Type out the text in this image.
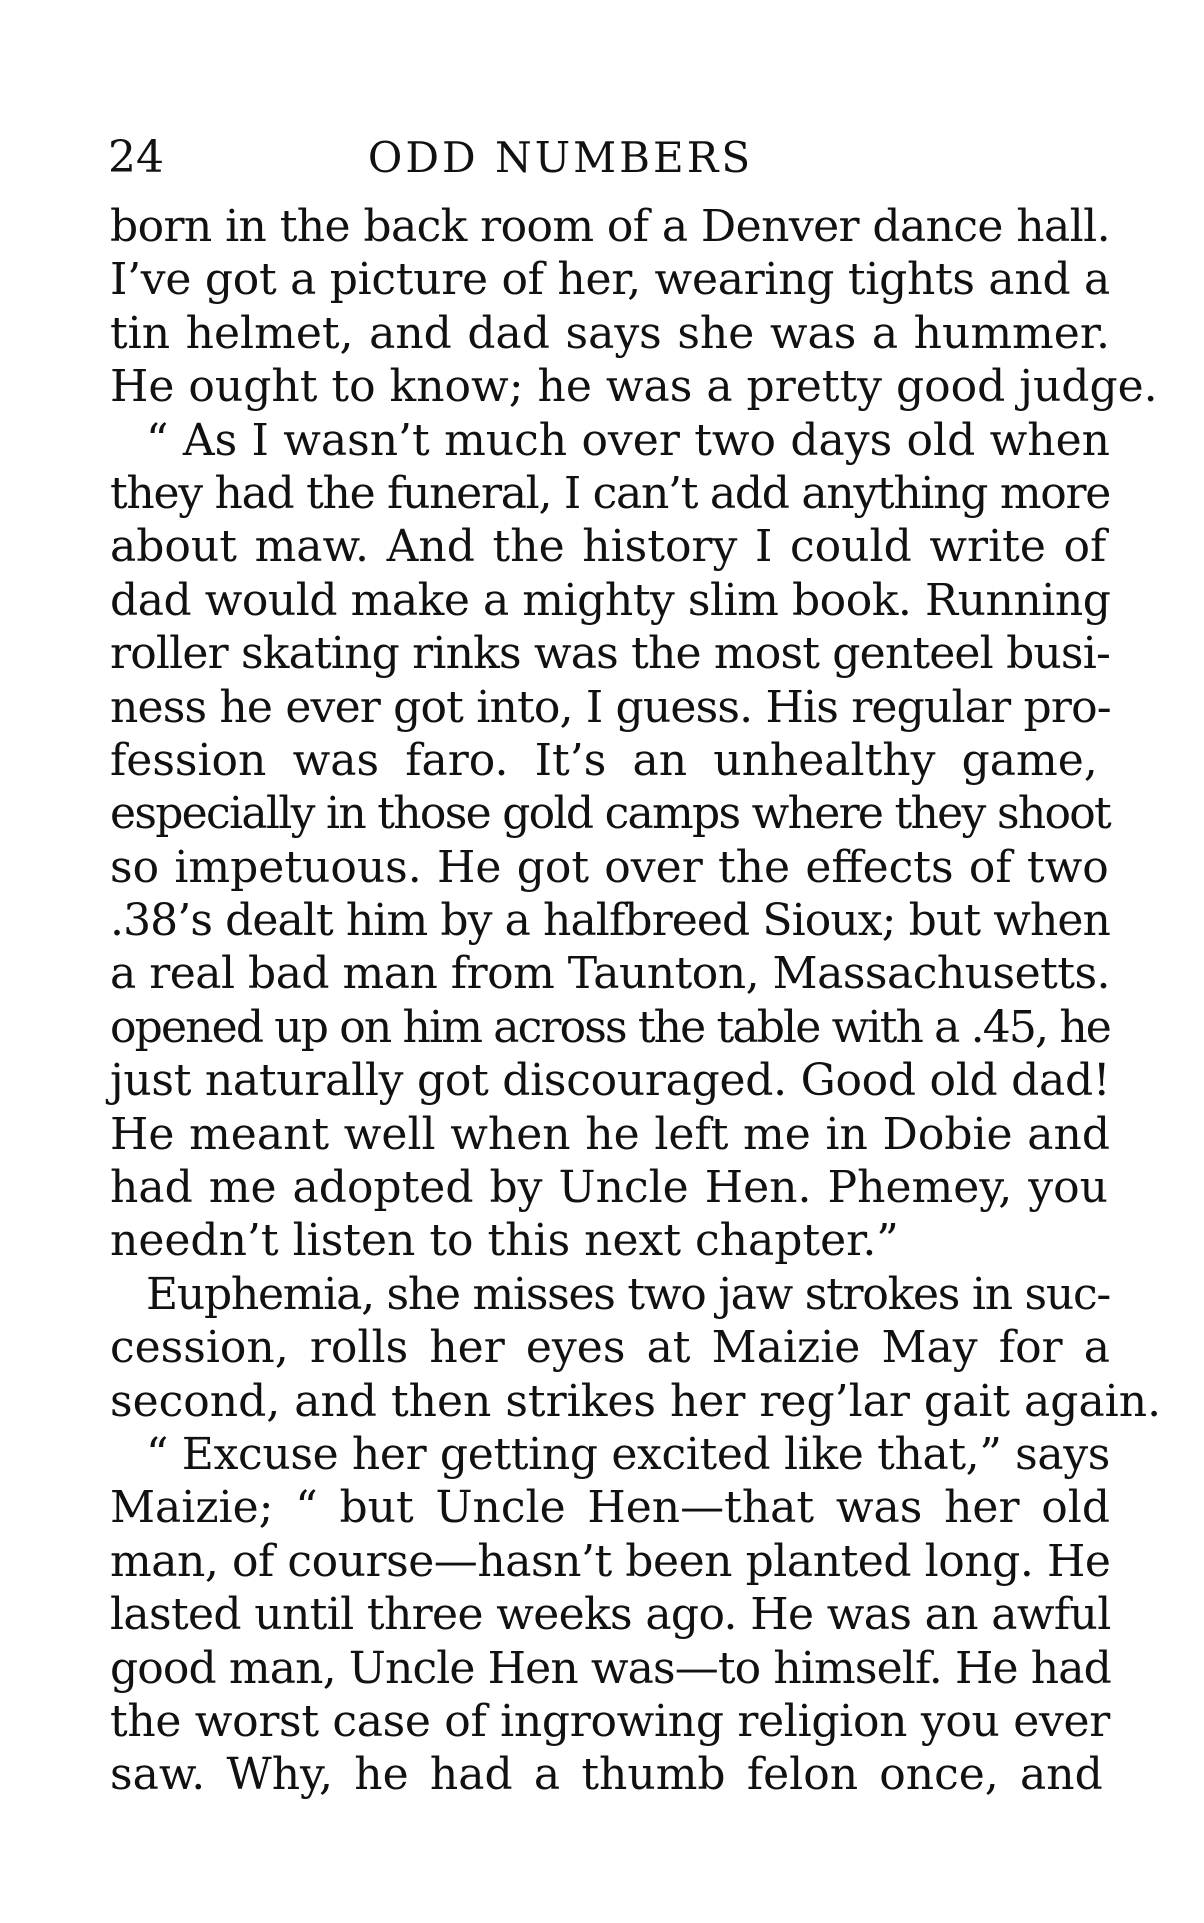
24	ODD NUMBERS
born in the back room of a Denver dance hall.
I’ve got a picture of her, wearing tights and a
tin helmet, and dad says she was a hummer.
He ought to know; he was a pretty good judge.
“ As I wasn’t much over two days old when
they had the funeral, I can’t add anything more
about maw. And the history I could write of
dad would make a mighty slim book. Running
roller skating rinks was the most genteel busi-
ness he ever got into, I guess. His regular pro-
fession was faro. It’s an unhealthy game,
especially in those gold camps where they shoot
so impetuous. He got over the effects of two
.38’s dealt him by a halfbreed Sioux; but when
a real bad man from Taunton, Massachusetts.
opened up on him across the table with a .45, he
just naturally got discouraged. Good old dad!
He meant well when he left me in Dobie and
had me adopted by Uncle Hen. Phemey, you
needn’t listen to this next chapter.”
Euphemia, she misses two jaw strokes in suc-
cession, rolls her eyes at Maizie May for a
second, and then strikes her reg’lar gait again.
“ Excuse her getting excited like that,” says
Maizie; “ but Uncle Hen—that was her old
man, of course—hasn’t been planted long. He
lasted until three weeks ago. He was an awful
good man, Uncle Hen was—to himself. He had
the worst case of ingrowing religion you ever
saw. Why, he had a thumb felon once, and
